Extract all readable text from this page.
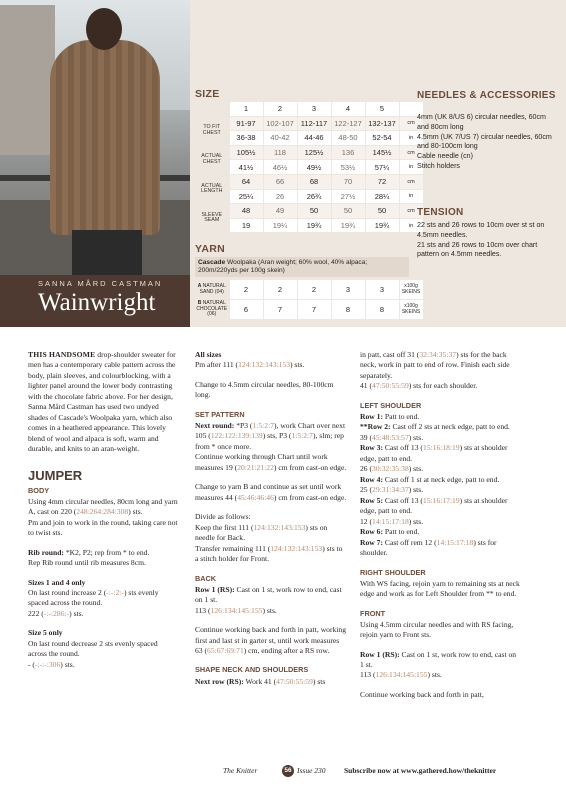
SANNA MÅRD CASTMAN
Wainwright
SIZE
	1	2	3	4	5	
TO FIT CHEST	91-97	102-107	112-117	122-127	132-137	cm
	36-38	40-42	44-46	48-50	52-54	in
ACTUAL CHEST	105½	118	125½	136	145½	cm
	41½	46½	49½	53½	57¼	in
ACTUAL LENGTH	64	66	68	70	72	cm
	25¼	26	26¾	27½	28¼	in
SLEEVE SEAM	48	49	50	50	50	cm
	19	19¼	19¾	19¾	19¾	in
YARN
Cascade Woolpaka (Aran weight; 60% wool, 40% alpaca; 200m/220yds per 100g skein)
A NATURAL SAND (04)	2	2	2	3	3	x100g SKEINS
B NATURAL CHOCOLATE (06)	6	7	7	8	8	x100g SKEINS
NEEDLES & ACCESSORIES
4mm (UK 8/US 6) circular needles, 60cm and 80cm long
4.5mm (UK 7/US 7) circular needles, 60cm and 80-100cm long
Cable needle (cn)
Stitch holders
TENSION
22 sts and 26 rows to 10cm over st st on 4.5mm needles.
21 sts and 26 rows to 10cm over chart pattern on 4.5mm needles.

THIS HANDSOME drop-shoulder sweater for men has a contemporary cable pattern across the body, plain sleeves, and colourblocking, with a lighter panel around the lower body contrasting with the chocolate fabric above. For her design, Sanna Mård Castman has used two undyed shades of Cascade's Woolpaka yarn, which also comes in a heathered appearance. This lovely blend of wool and alpaca is soft, warm and durable, and knits to an aran-weight.

JUMPER
BODY

Using 4mm circular needles, 80cm long and yarn A, cast on 220 (248:264:284:308) sts.
Pm and join to work in the round, taking care not to twist sts.

Rib round: *K2, P2; rep from * to end.
Rep Rib round until rib measures 8cm.

Sizes 1 and 4 only
On last round increase 2 (-:-:2:-) sts evenly spaced across the round.
222 (-:-:286:-) sts.

Size 5 only
On last round decrease 2 sts evenly spaced across the round.
- (-:-:-:306) sts.

All sizes
Pm after 111 (124:132:143:153) sts.

Change to 4.5mm circular needles, 80-100cm long.

SET PATTERN

Next round: *P3 (1:5:2:7), work Chart over next 105 (122:122:139:139) sts, P3 (1:5:2:7), slm; rep from * once more.
Continue working through Chart until work measures 19 (20:21:21:22) cm from cast-on edge.

Change to yarn B and continue as set until work measures 44 (45:46:46:46) cm from cast-on edge.

Divide as follows:
Keep the first 111 (124:132:143:153) sts on needle for Back.
Transfer remaining 111 (124:132:143:153) sts to a stitch holder for Front.

BACK

Row 1 (RS): Cast on 1 st, work row to end, cast on 1 st.
113 (126:134:145:155) sts.

Continue working back and forth in patt, working first and last st in garter st, until work measures 63 (65:67:69:71) cm, ending after a RS row.

SHAPE NECK AND SHOULDERS

Next row (RS): Work 41 (47:50:55:59) sts

in patt, cast off 31 (32:34:35:37) sts for the back neck, work in patt to end of row. Finish each side separately.
41 (47:50:55:59) sts for each shoulder.

LEFT SHOULDER

Row 1: Patt to end.
**Row 2: Cast off 2 sts at neck edge, patt to end.
39 (45:48:53:57) sts.
Row 3: Cast off 13 (15:16:18:19) sts at shoulder edge, patt to end.
26 (30:32:35:38) sts.
Row 4: Cast off 1 st at neck edge, patt to end.
25 (29:31:34:37) sts.
Row 5: Cast off 13 (15:16:17:19) sts at shoulder edge, patt to end.
12 (14:15:17:18) sts.
Row 6: Patt to end.
Row 7: Cast off rem 12 (14:15:17:18) sts for shoulder.

RIGHT SHOULDER

With WS facing, rejoin yarn to remaining sts at neck edge and work as for Left Shoulder from ** to end.

FRONT

Using 4.5mm circular needles and with RS facing, rejoin yarn to Front sts.

Row 1 (RS): Cast on 1 st, work row to end, cast on 1 st.
113 (126:134:145:155) sts.

Continue working back and forth in patt,

The Knitter	56 Issue 230 Subscribe now at www.gathered.how/theknitter
